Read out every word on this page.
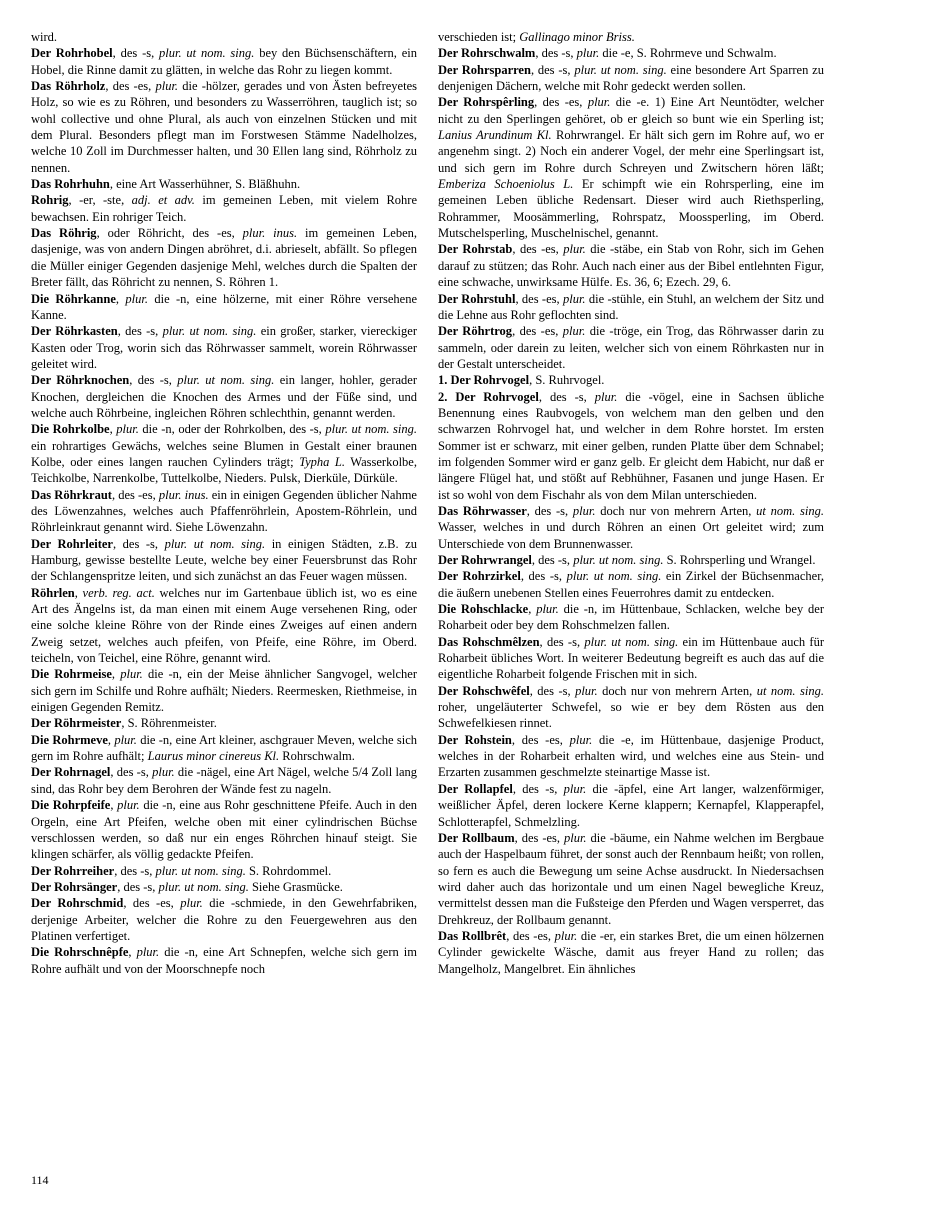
wird.

Der Rohrhobel, des -s, plur. ut nom. sing. bey den Büchsenschäftern, ein Hobel, die Rinne damit zu glätten, in welche das Rohr zu liegen kommt.

Das Röhrholz, des -es, plur. die -hölzer, gerades und von Ästen befreyetes Holz, so wie es zu Röhren, und besonders zu Wasserröhren, tauglich ist; so wohl collective und ohne Plural, als auch von einzelnen Stücken und mit dem Plural. Besonders pflegt man im Forstwesen Stämme Nadelholzes, welche 10 Zoll im Durchmesser halten, und 30 Ellen lang sind, Röhrholz zu nennen.

Das Rohrhuhn, eine Art Wasserhühner, S. Bläßhuhn.

Rohrig, -er, -ste, adj. et adv. im gemeinen Leben, mit vielem Rohre bewachsen. Ein rohriger Teich.

Das Röhrig, oder Röhricht, des -es, plur. inus. im gemeinen Leben, dasjenige, was von andern Dingen abröhret, d.i. abrieselt, abfällt. So pflegen die Müller einiger Gegenden dasjenige Mehl, welches durch die Spalten der Breter fällt, das Röhricht zu nennen, S. Röhren 1.

Die Röhrkanne, plur. die -n, eine hölzerne, mit einer Röhre versehene Kanne.

Der Röhrkasten, des -s, plur. ut nom. sing. ein großer, starker, viereckiger Kasten oder Trog, worin sich das Röhrwasser sammelt, worein Röhrwasser geleitet wird.

Der Röhrknochen, des -s, plur. ut nom. sing. ein langer, hohler, gerader Knochen, dergleichen die Knochen des Armes und der Füße sind, und welche auch Röhrbeine, ingleichen Röhren schlechthin, genannt werden.

Die Rohrkolbe, plur. die -n, oder der Rohrkolben, des -s, plur. ut nom. sing. ein rohrartiges Gewächs, welches seine Blumen in Gestalt einer braunen Kolbe, oder eines langen rauchen Cylinders trägt; Typha L. Wasserkolbe, Teichkolbe, Narrenkolbe, Tuttelkolbe, Nieders. Pulsk, Dierküle, Dürküle.

Das Röhrkraut, des -es, plur. inus. ein in einigen Gegenden üblicher Nahme des Löwenzahnes, welches auch Pfaffenröhrlein, Apostem-Röhrlein, und Röhrleinkraut genannt wird. Siehe Löwenzahn.

Der Rohrleiter, des -s, plur. ut nom. sing. in einigen Städten, z.B. zu Hamburg, gewisse bestellte Leute, welche bey einer Feuersbrunst das Rohr der Schlangenspritze leiten, und sich zunächst an das Feuer wagen müssen.

Röhrlen, verb. reg. act. welches nur im Gartenbaue üblich ist, wo es eine Art des Ängelns ist, da man einen mit einem Auge versehenen Ring, oder eine solche kleine Röhre von der Rinde eines Zweiges auf einen andern Zweig setzet, welches auch pfeifen, von Pfeife, eine Röhre, im Oberd. teicheln, von Teichel, eine Röhre, genannt wird.

Die Rohrmeise, plur. die -n, ein der Meise ähnlicher Sangvogel, welcher sich gern im Schilfe und Rohre aufhält; Nieders. Reermesken, Riethmeise, in einigen Gegenden Remitz.

Der Röhrmeister, S. Röhrenmeister.

Die Rohrmeve, plur. die -n, eine Art kleiner, aschgrauer Meven, welche sich gern im Rohre aufhält; Laurus minor cinereus Kl. Rohrschwalm.

Der Rohrnagel, des -s, plur. die -nägel, eine Art Nägel, welche 5/4 Zoll lang sind, das Rohr bey dem Berohren der Wände fest zu nageln.

Die Rohrpfeife, plur. die -n, eine aus Rohr geschnittene Pfeife. Auch in den Orgeln, eine Art Pfeifen, welche oben mit einer cylindrischen Büchse verschlossen werden, so daß nur ein enges Röhrchen hinauf steigt. Sie klingen schärfer, als völlig gedackte Pfeifen.

Der Rohrreiher, des -s, plur. ut nom. sing. S. Rohrdommel.

Der Rohrsänger, des -s, plur. ut nom. sing. Siehe Grasmücke.

Der Rohrschmid, des -es, plur. die -schmiede, in den Gewehrfabriken, derjenige Arbeiter, welcher die Rohre zu den Feuergewehren aus den Platinen verfertiget.

Die Rohrschnêpfe, plur. die -n, eine Art Schnepfen, welche sich gern im Rohre aufhält und von der Moorschnepfe noch

verschieden ist; Gallinago minor Briss.

Der Rohrschwalm, des -s, plur. die -e, S. Rohrmeve und Schwalm.

Der Rohrsparren, des -s, plur. ut nom. sing. eine besondere Art Sparren zu denjenigen Dächern, welche mit Rohr gedeckt werden sollen.

Der Rohrspêrling, des -es, plur. die -e. 1) Eine Art Neuntödter, welcher nicht zu den Sperlingen gehöret, ob er gleich so bunt wie ein Sperling ist; Lanius Arundinum Kl. Rohrwrangel. Er hält sich gern im Rohre auf, wo er angenehm singt. 2) Noch ein anderer Vogel, der mehr eine Sperlingsart ist, und sich gern im Rohre durch Schreyen und Zwitschern hören läßt; Emberiza Schoeniolus L. Er schimpft wie ein Rohrsperling, eine im gemeinen Leben übliche Redensart. Dieser wird auch Riethsperling, Rohrammer, Moosämmerling, Rohrspatz, Moossperling, im Oberd. Mutschelsperling, Muschelnischel, genannt.

Der Rohrstab, des -es, plur. die -stäbe, ein Stab von Rohr, sich im Gehen darauf zu stützen; das Rohr. Auch nach einer aus der Bibel entlehnten Figur, eine schwache, unwirksame Hülfe. Es. 36, 6; Ezech. 29, 6.

Der Rohrstuhl, des -es, plur. die -stühle, ein Stuhl, an welchem der Sitz und die Lehne aus Rohr geflochten sind.

Der Röhrtrog, des -es, plur. die -tröge, ein Trog, das Röhrwasser darin zu sammeln, oder darein zu leiten, welcher sich von einem Röhrkasten nur in der Gestalt unterscheidet.

1. Der Rohrvogel, S. Ruhrvogel.

2. Der Rohrvogel, des -s, plur. die -vögel, eine in Sachsen übliche Benennung eines Raubvogels, von welchem man den gelben und den schwarzen Rohrvogel hat, und welcher in dem Rohre horstet. Im ersten Sommer ist er schwarz, mit einer gelben, runden Platte über dem Schnabel; im folgenden Sommer wird er ganz gelb. Er gleicht dem Habicht, nur daß er längere Flügel hat, und stößt auf Rebhühner, Fasanen und junge Hasen. Er ist so wohl von dem Fischahr als von dem Milan unterschieden.

Das Röhrwasser, des -s, plur. doch nur von mehrern Arten, ut nom. sing. Wasser, welches in und durch Röhren an einen Ort geleitet wird; zum Unterschiede von dem Brunnenwasser.

Der Rohrwrangel, des -s, plur. ut nom. sing. S. Rohrsperling und Wrangel.

Der Rohrzirkel, des -s, plur. ut nom. sing. ein Zirkel der Büchsenmacher, die äußern unebenen Stellen eines Feuerrohres damit zu entdecken.

Die Rohschlacke, plur. die -n, im Hüttenbaue, Schlacken, welche bey der Roharbeit oder bey dem Rohschmelzen fallen.

Das Rohschmêlzen, des -s, plur. ut nom. sing. ein im Hüttenbaue auch für Roharbeit übliches Wort. In weiterer Bedeutung begreift es auch das auf die eigentliche Roharbeit folgende Frischen mit in sich.

Der Rohschwêfel, des -s, plur. doch nur von mehrern Arten, ut nom. sing. roher, ungeläuterter Schwefel, so wie er bey dem Rösten aus den Schwefelkiesen rinnet.

Der Rohstein, des -es, plur. die -e, im Hüttenbaue, dasjenige Product, welches in der Roharbeit erhalten wird, und welches eine aus Stein- und Erzarten zusammen geschmelzte steinartige Masse ist.

Der Rollapfel, des -s, plur. die -äpfel, eine Art langer, walzenförmiger, weißlicher Äpfel, deren lockere Kerne klappern; Kernapfel, Klapperapfel, Schlotterapfel, Schmelzling.

Der Rollbaum, des -es, plur. die -bäume, ein Nahme welchen im Bergbaue auch der Haspelbaum führet, der sonst auch der Rennbaum heißt; von rollen, so fern es auch die Bewegung um seine Achse ausdruckt. In Niedersachsen wird daher auch das horizontale und um einen Nagel bewegliche Kreuz, vermittelst dessen man die Fußsteige den Pferden und Wagen versperret, das Drehkreuz, der Rollbaum genannt.

Das Rollbrêt, des -es, plur. die -er, ein starkes Bret, die um einen hölzernen Cylinder gewickelte Wäsche, damit aus freyer Hand zu rollen; das Mangelholz, Mangelbret. Ein ähnliches

114
